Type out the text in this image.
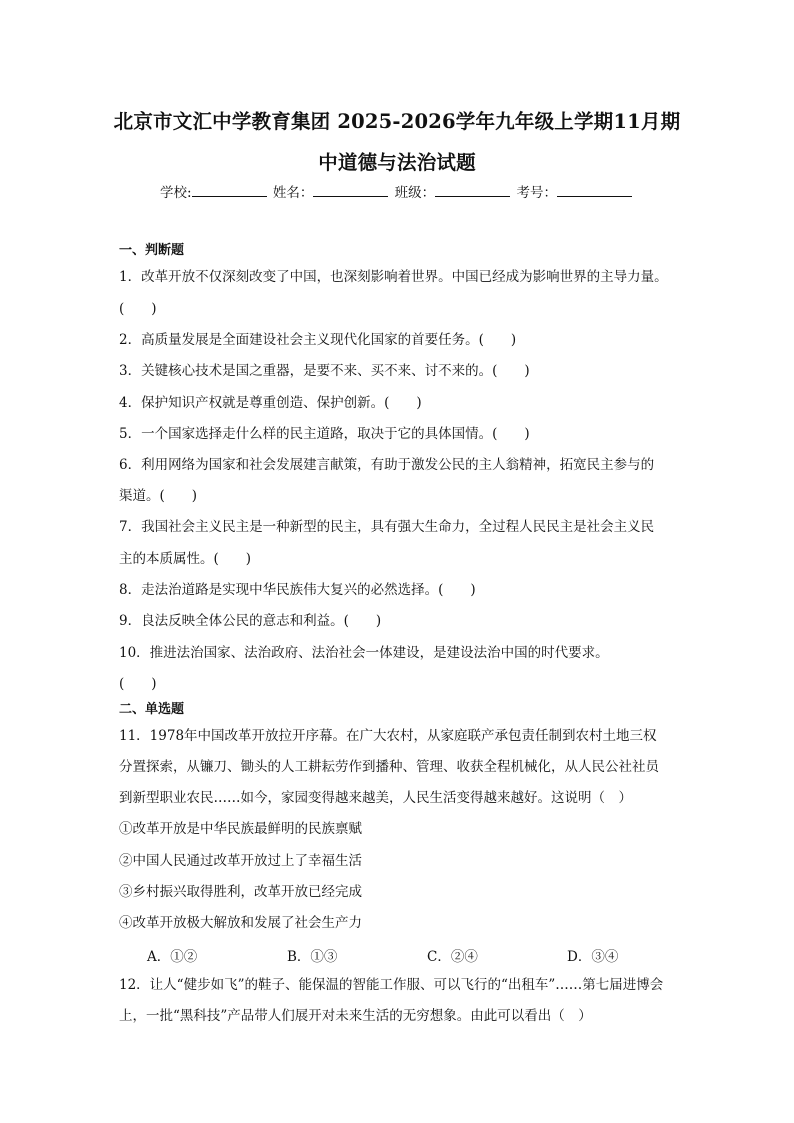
北京市文汇中学教育集团 2025-2026学年九年级上学期11月期
中道德与法治试题
学校:	姓名：	班级：	考号：
一、判断题
1．改革开放不仅深刻改变了中国，也深刻影响着世界。中国已经成为影响世界的主导力量。
(　　)
2．高质量发展是全面建设社会主义现代化国家的首要任务。(　　)
3．关键核心技术是国之重器，是要不来、买不来、讨不来的。(　　)
4．保护知识产权就是尊重创造、保护创新。(　　)
5．一个国家选择走什么样的民主道路，取决于它的具体国情。(　　)
6．利用网络为国家和社会发展建言献策，有助于激发公民的主人翁精神，拓宽民主参与的
渠道。(　　)
7．我国社会主义民主是一种新型的民主，具有强大生命力，全过程人民民主是社会主义民
主的本质属性。(　　)
8．走法治道路是实现中华民族伟大复兴的必然选择。(　　)
9．良法反映全体公民的意志和利益。(　　)
10．推进法治国家、法治政府、法治社会一体建设，是建设法治中国的时代要求。
(　　)
二、单选题
11．1978年中国改革开放拉开序幕。在广大农村，从家庭联产承包责任制到农村土地三权
分置探索，从镰刀、锄头的人工耕耘劳作到播种、管理、收获全程机械化，从人民公社社员
到新型职业农民……如今，家园变得越来越美，人民生活变得越来越好。这说明（　）
①改革开放是中华民族最鲜明的民族禀赋
②中国人民通过改革开放过上了幸福生活
③乡村振兴取得胜利，改革开放已经完成
④改革开放极大解放和发展了社会生产力
A．①②	B．①③	C．②④	D．③④
12．让人“健步如飞”的鞋子、能保温的智能工作服、可以飞行的“出租车”……第七届进博会
上，一批“黑科技”产品带人们展开对未来生活的无穷想象。由此可以看出（　）
